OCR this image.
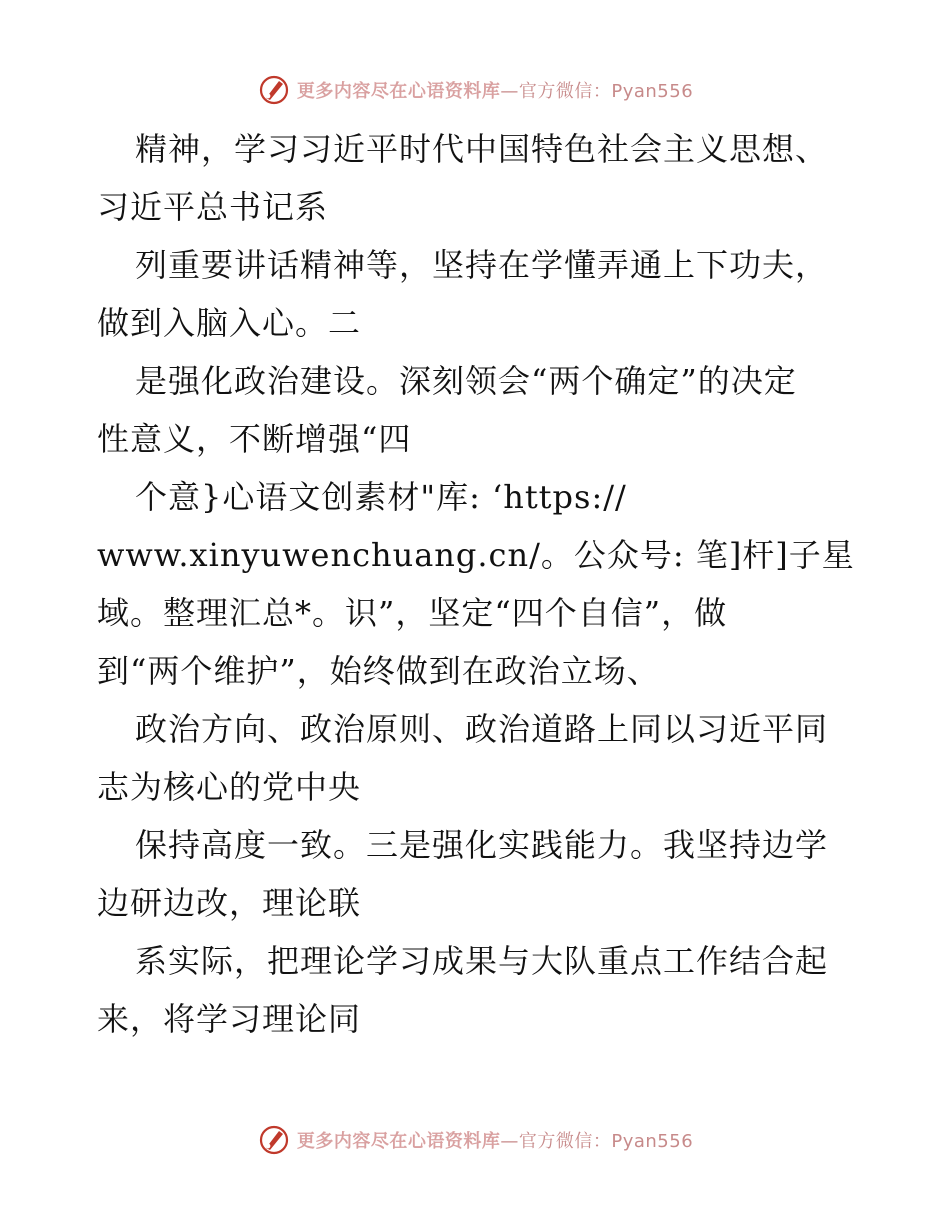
更多内容尽在心语资料库—官方微信：Pyan556
精神，学习习近平时代中国特色社会主义思想、
习近平总书记系
列重要讲话精神等，坚持在学懂弄通上下功夫，
做到入脑入心。二
是强化政治建设。深刻领会“两个确定”的决定
性意义，不断增强“四
个意}心语文创素材"库: ‘https://
www.xinyuwenchuang.cn/。公众号: 笔]杆]子星
域。整理汇总*。识”，坚定“四个自信”，做
到“两个维护”，始终做到在政治立场、
政治方向、政治原则、政治道路上同以习近平同
志为核心的党中央
保持高度一致。三是强化实践能力。我坚持边学
边研边改，理论联
系实际，把理论学习成果与大队重点工作结合起
来，将学习理论同
更多内容尽在心语资料库—官方微信：Pyan556
